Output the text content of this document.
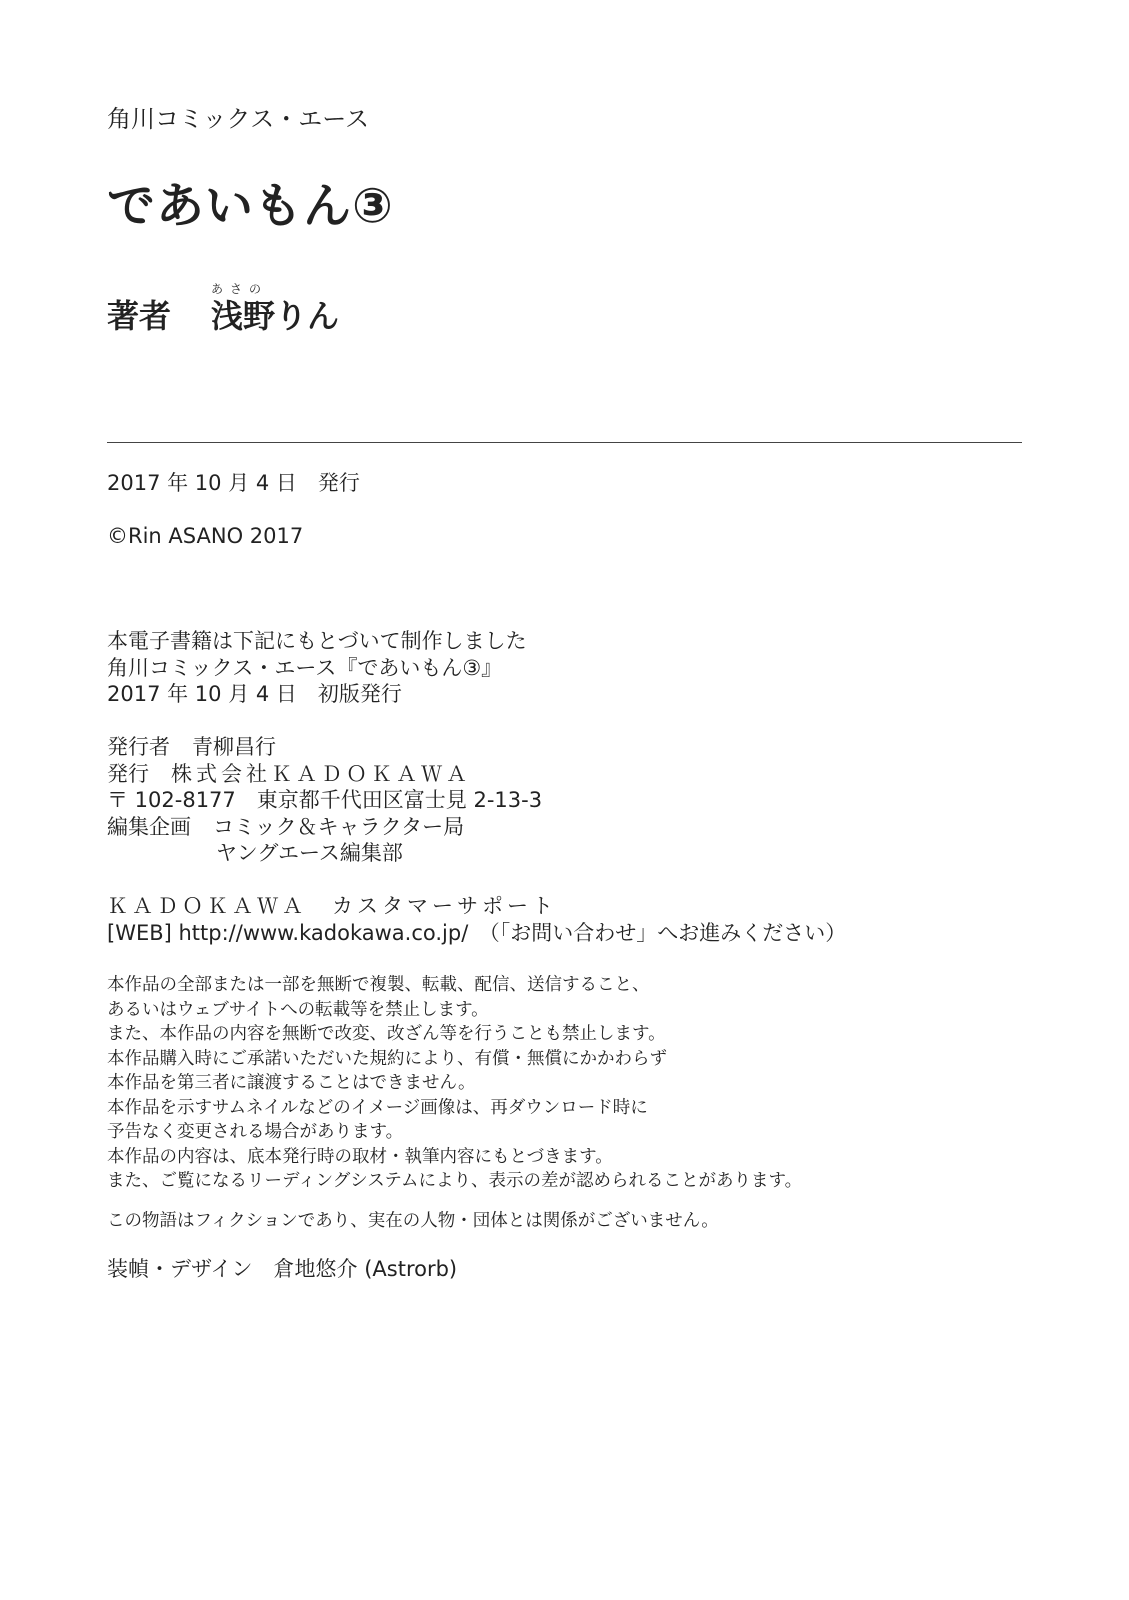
角川コミックス・エース
であいもん③
あさの
著者 浅野りん
2017 年 10 月 4 日　発行
©Rin ASANO 2017
本電子書籍は下記にもとづいて制作しました
角川コミックス・エース『であいもん③』
2017 年 10 月 4 日　初版発行
発行者 青柳昌行
発行 株式会社ＫＡＤＯＫＡＷＡ
〒 102-8177　東京都千代田区富士見 2-13-3
編集企画 コミック＆キャラクター局
ヤングエース編集部
ＫＡＤＯＫＡＷＡ　カスタマーサポート
[WEB] http://www.kadokawa.co.jp/　（「お問い合わせ」へお進みください）
本作品の全部または一部を無断で複製、転載、配信、送信すること、
あるいはウェブサイトへの転載等を禁止します。
また、本作品の内容を無断で改変、改ざん等を行うことも禁止します。
本作品購入時にご承諾いただいた規約により、有償・無償にかかわらず
本作品を第三者に譲渡することはできません。
本作品を示すサムネイルなどのイメージ画像は、再ダウンロード時に
予告なく変更される場合があります。
本作品の内容は、底本発行時の取材・執筆内容にもとづきます。
また、ご覧になるリーディングシステムにより、表示の差が認められることがあります。
この物語はフィクションであり、実在の人物・団体とは関係がございません。
装幀・デザイン　倉地悠介 (Astrorb)
